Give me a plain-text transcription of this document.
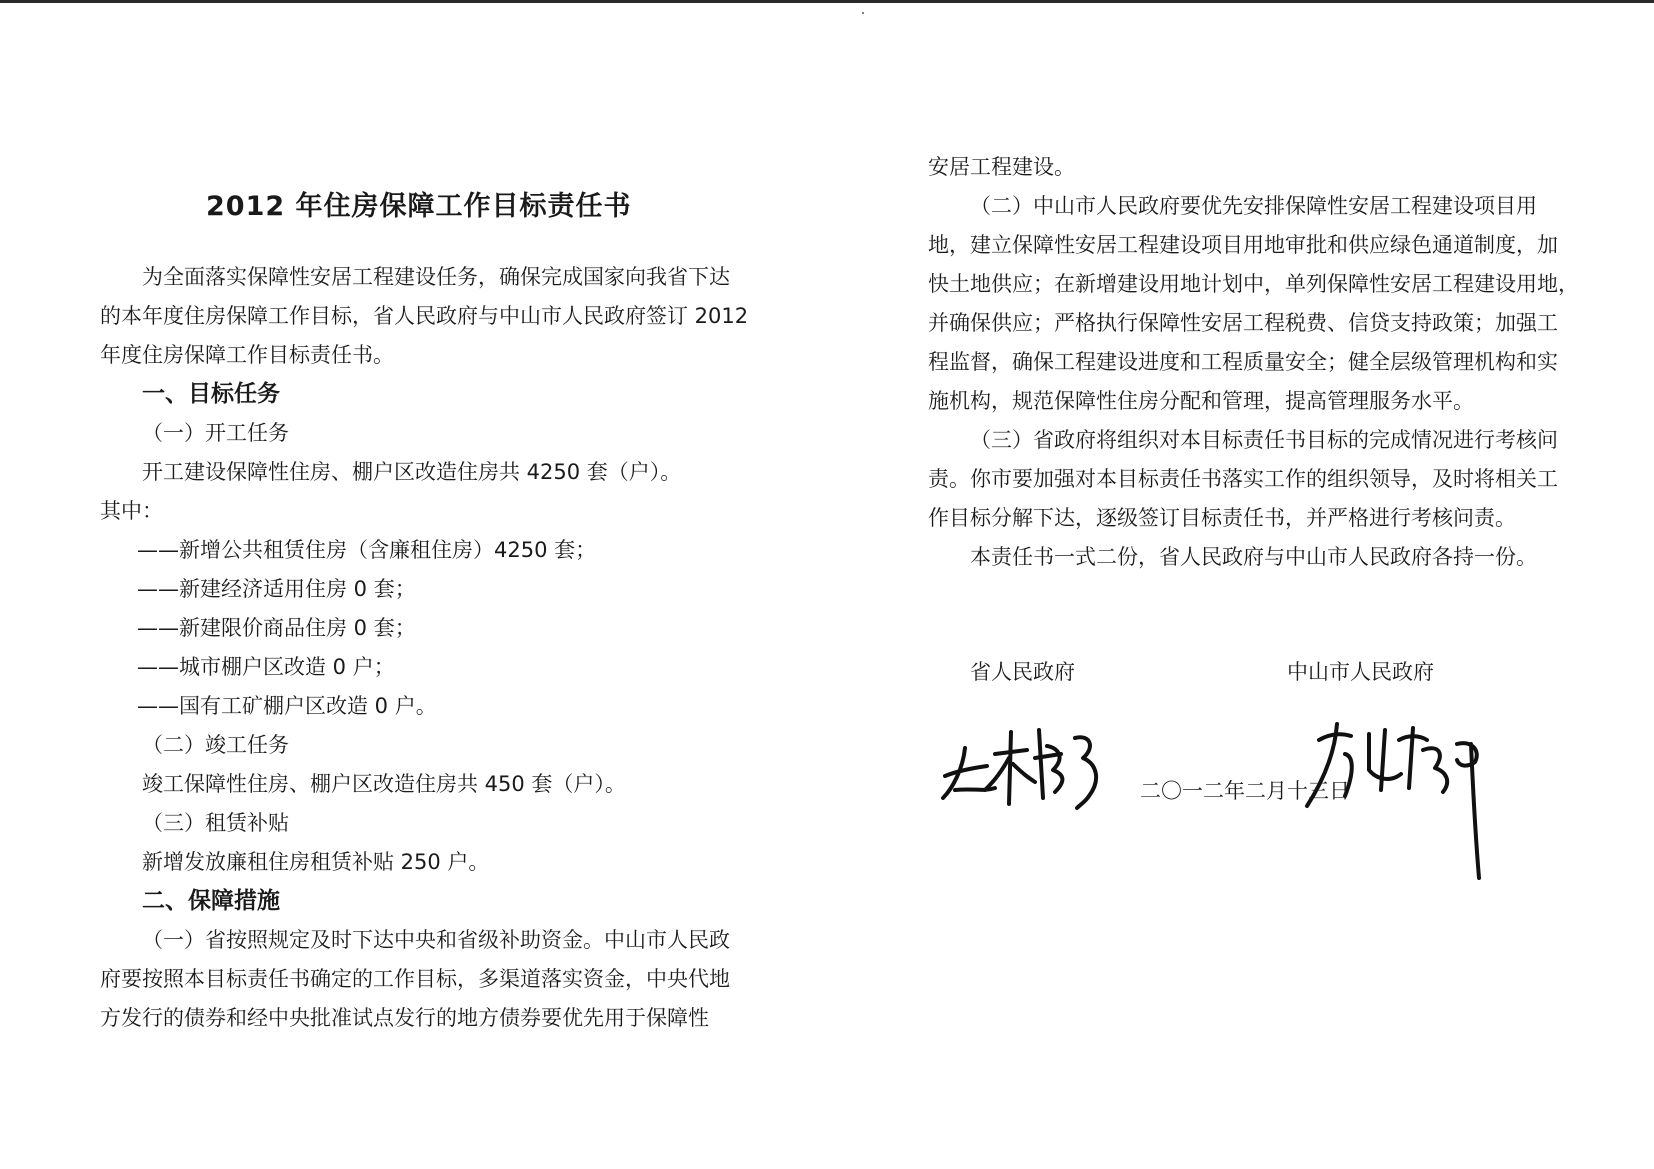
2012 年住房保障工作目标责任书
为全面落实保障性安居工程建设任务，确保完成国家向我省下达
的本年度住房保障工作目标，省人民政府与中山市人民政府签订 2012
年度住房保障工作目标责任书。
一、目标任务
（一）开工任务
开工建设保障性住房、棚户区改造住房共 4250 套（户）。
其中：
——新增公共租赁住房（含廉租住房）4250 套；
——新建经济适用住房 0 套；
——新建限价商品住房 0 套；
——城市棚户区改造 0 户；
——国有工矿棚户区改造 0 户。
（二）竣工任务
竣工保障性住房、棚户区改造住房共 450 套（户）。
（三）租赁补贴
新增发放廉租住房租赁补贴 250 户。
二、保障措施
（一）省按照规定及时下达中央和省级补助资金。中山市人民政
府要按照本目标责任书确定的工作目标，多渠道落实资金，中央代地
方发行的债券和经中央批准试点发行的地方债券要优先用于保障性
安居工程建设。
（二）中山市人民政府要优先安排保障性安居工程建设项目用
地，建立保障性安居工程建设项目用地审批和供应绿色通道制度，加
快土地供应；在新增建设用地计划中，单列保障性安居工程建设用地，
并确保供应；严格执行保障性安居工程税费、信贷支持政策；加强工
程监督，确保工程建设进度和工程质量安全；健全层级管理机构和实
施机构，规范保障性住房分配和管理，提高管理服务水平。
（三）省政府将组织对本目标责任书目标的完成情况进行考核问
责。你市要加强对本目标责任书落实工作的组织领导，及时将相关工
作目标分解下达，逐级签订目标责任书，并严格进行考核问责。
本责任书一式二份，省人民政府与中山市人民政府各持一份。
省人民政府	中山市人民政府
二〇一二年二月十三日
